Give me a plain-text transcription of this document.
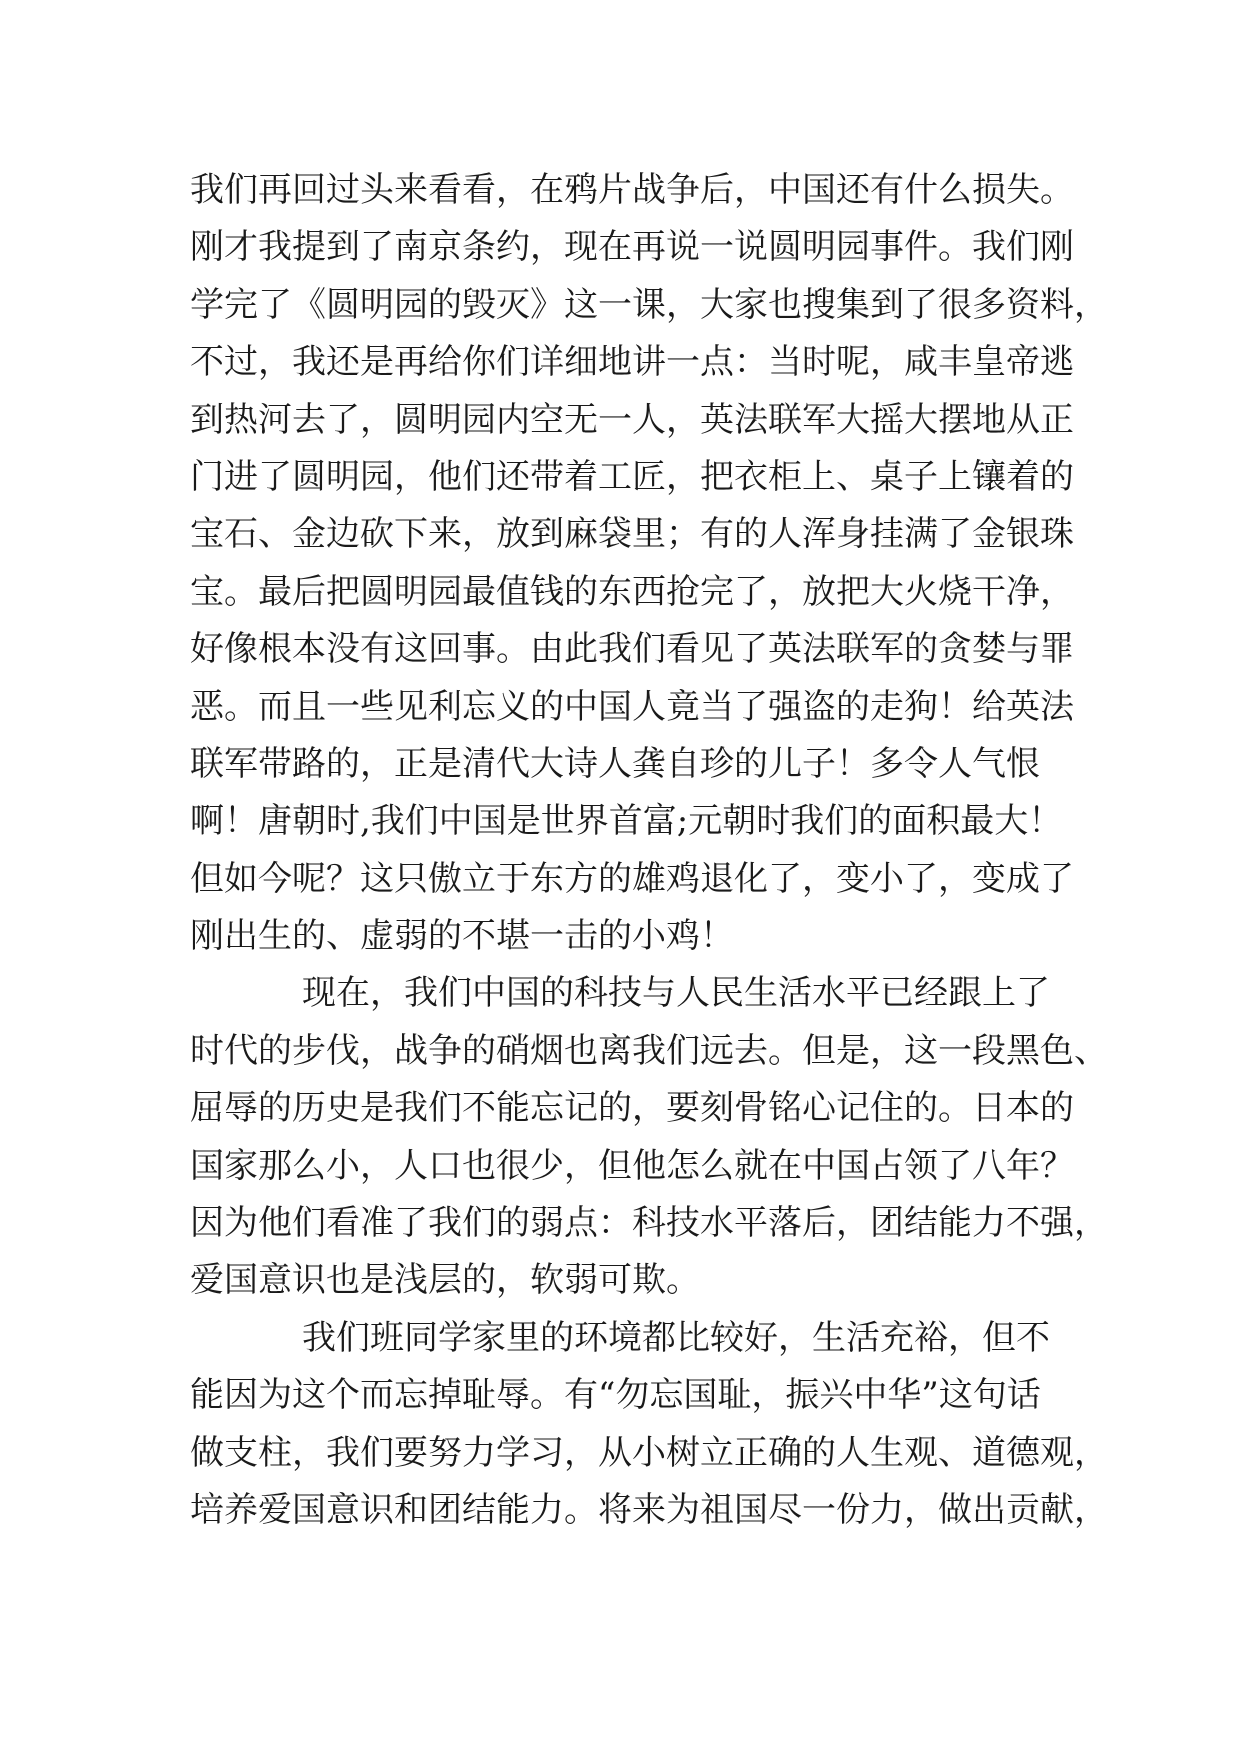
我们再回过头来看看，在鸦片战争后，中国还有什么损失。
刚才我提到了南京条约，现在再说一说圆明园事件。我们刚
学完了《圆明园的毁灭》这一课，大家也搜集到了很多资料，
不过，我还是再给你们详细地讲一点：当时呢，咸丰皇帝逃
到热河去了，圆明园内空无一人，英法联军大摇大摆地从正
门进了圆明园，他们还带着工匠，把衣柜上、桌子上镶着的
宝石、金边砍下来，放到麻袋里；有的人浑身挂满了金银珠
宝。最后把圆明园最值钱的东西抢完了，放把大火烧干净，
好像根本没有这回事。由此我们看见了英法联军的贪婪与罪
恶。而且一些见利忘义的中国人竟当了强盗的走狗！给英法
联军带路的，正是清代大诗人龚自珍的儿子！多令人气恨
啊！唐朝时,我们中国是世界首富;元朝时我们的面积最大！
但如今呢？这只傲立于东方的雄鸡退化了，变小了，变成了
刚出生的、虚弱的不堪一击的小鸡！
现在，我们中国的科技与人民生活水平已经跟上了
时代的步伐，战争的硝烟也离我们远去。但是，这一段黑色、
屈辱的历史是我们不能忘记的，要刻骨铭心记住的。日本的
国家那么小，人口也很少，但他怎么就在中国占领了八年？
因为他们看准了我们的弱点：科技水平落后，团结能力不强，
爱国意识也是浅层的，软弱可欺。
我们班同学家里的环境都比较好，生活充裕，但不
能因为这个而忘掉耻辱。有“勿忘国耻，振兴中华”这句话
做支柱，我们要努力学习，从小树立正确的人生观、道德观，
培养爱国意识和团结能力。将来为祖国尽一份力，做出贡献，
